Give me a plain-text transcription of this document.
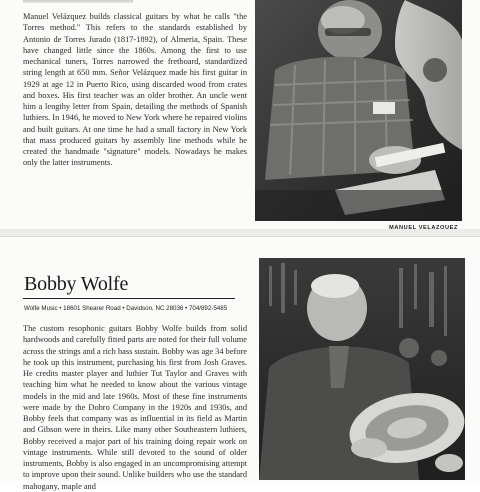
Manuel Velázquez builds classical guitars by what he calls "the Torres method." This refers to the standards established by Antonio de Torres Jurado (1817-1892), of Almeria, Spain. These have changed little since the 1860s. Among the first to use mechanical tuners, Torres narrowed the fretboard, standardized string length at 650 mm. Señor Velázquez made his first guitar in 1929 at age 12 in Puerto Rico, using discarded wood from crates and boxes. His first teacher was an older brother. An uncle went him a lengthy letter from Spain, detailing the methods of Spanish luthiers. In 1946, he moved to New York where he repaired violins and built guitars. At one time he had a small factory in New York that mass produced guitars by assembly line methods while he created the handmade "signature" models. Nowadays he makes only the latter instruments.

MANUEL VELAZQUEZ
Bobby Wolfe
Wolfe Music • 18601 Shearer Road • Davidson, NC 28036 • 704/892-5485

The custom resophonic guitars Bobby Wolfe builds from solid hardwoods and carefully fitted parts are noted for their full volume across the strings and a rich bass sustain. Bobby was age 34 before he took up this instrument, purchasing his first from Josh Graves. He credits master player and luthier Tut Taylor and Graves with teaching him what he needed to know about the various vintage models in the mid and late 1960s. Most of these fine instruments were made by the Dobro Company in the 1920s and 1930s, and Bobby feels that company was as influential in its field as Martin and Gibson were in theirs. Like many other Southeastern luthiers, Bobby received a major part of his training doing repair work on vintage instruments. While still devoted to the sound of older instruments, Bobby is also engaged in an uncompromising attempt to improve upon their sound. Unlike builders who use the standard mahogany, maple and
